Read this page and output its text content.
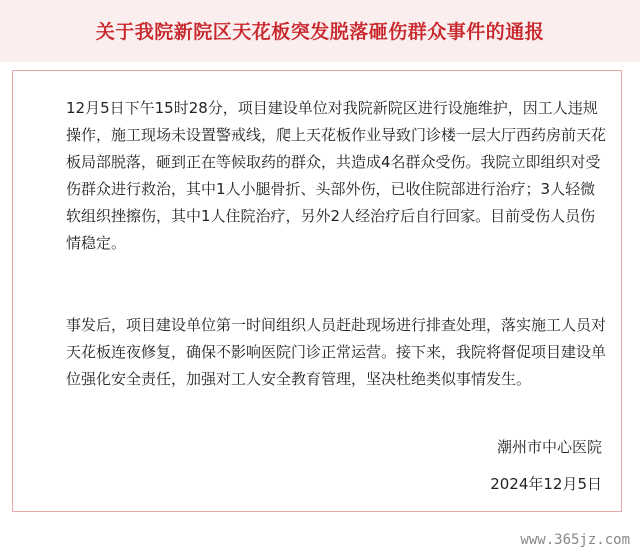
关于我院新院区天花板突发脱落砸伤群众事件的通报

12月5日下午15时28分，项目建设单位对我院新院区进行设施维护，因工人违规操作，施工现场未设置警戒线，爬上天花板作业导致门诊楼一层大厅西药房前天花板局部脱落，砸到正在等候取药的群众，共造成4名群众受伤。我院立即组织对受伤群众进行救治，其中1人小腿骨折、头部外伤，已收住院部进行治疗；3人轻微软组织挫擦伤，其中1人住院治疗，另外2人经治疗后自行回家。目前受伤人员伤情稳定。

事发后，项目建设单位第一时间组织人员赶赴现场进行排查处理，落实施工人员对天花板连夜修复，确保不影响医院门诊正常运营。接下来，我院将督促项目建设单位强化安全责任，加强对工人安全教育管理，坚决杜绝类似事情发生。

潮州市中心医院
2024年12月5日
www.365jz.com
